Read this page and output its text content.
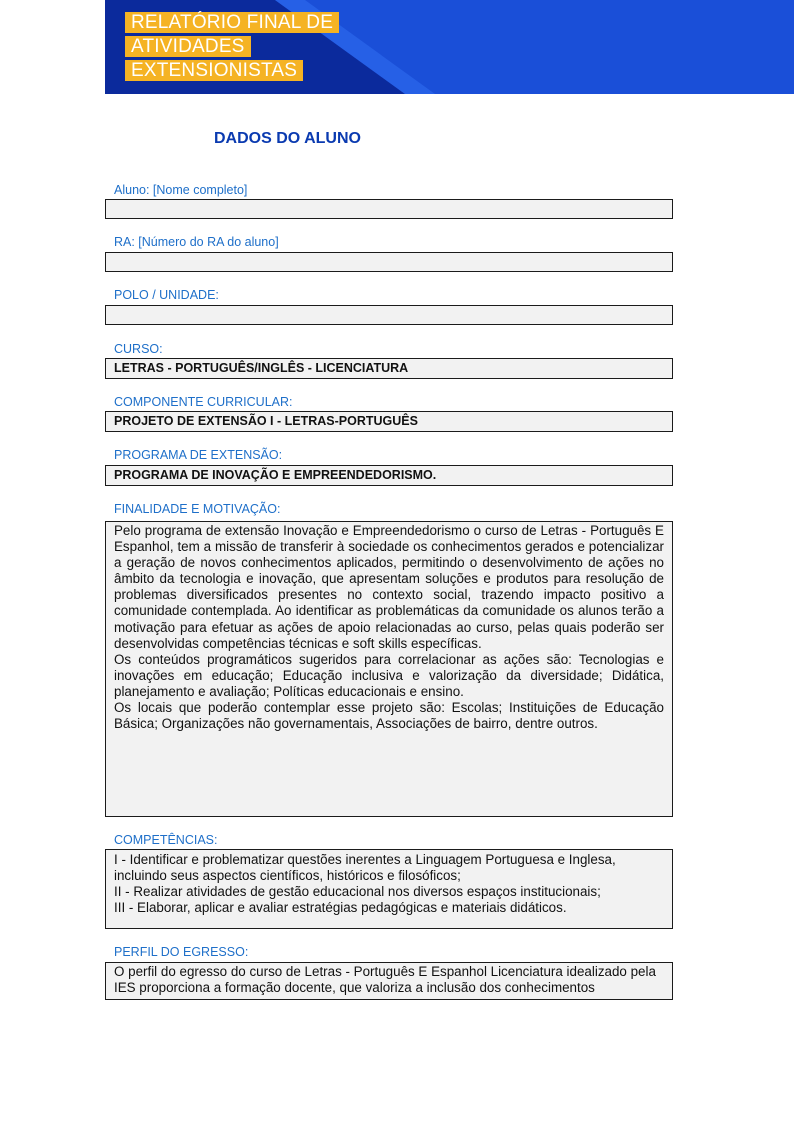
RELATÓRIO FINAL DE
ATIVIDADES
EXTENSIONISTAS
DADOS DO ALUNO
Aluno: [Nome completo]
RA: [Número do RA do aluno]
POLO / UNIDADE:
CURSO:
LETRAS - PORTUGUÊS/INGLÊS - LICENCIATURA
COMPONENTE CURRICULAR:
PROJETO DE EXTENSÃO I - LETRAS-PORTUGUÊS
PROGRAMA DE EXTENSÃO:
PROGRAMA DE INOVAÇÃO E EMPREENDEDORISMO.
FINALIDADE E MOTIVAÇÃO:

Pelo programa de extensão Inovação e Empreendedorismo o curso de Letras - Português E Espanhol, tem a missão de transferir à sociedade os conhecimentos gerados e potencializar a geração de novos conhecimentos aplicados, permitindo o desenvolvimento de ações no âmbito da tecnologia e inovação, que apresentam soluções e produtos para resolução de problemas diversificados presentes no contexto social, trazendo impacto positivo a comunidade contemplada. Ao identificar as problemáticas da comunidade os alunos terão a motivação para efetuar as ações de apoio relacionadas ao curso, pelas quais poderão ser desenvolvidas competências técnicas e soft skills específicas.

Os conteúdos programáticos sugeridos para correlacionar as ações são: Tecnologias e inovações em educação; Educação inclusiva e valorização da diversidade; Didática, planejamento e avaliação; Políticas educacionais e ensino.

Os locais que poderão contemplar esse projeto são: Escolas; Instituições de Educação Básica; Organizações não governamentais, Associações de bairro, dentre outros.

COMPETÊNCIAS:

I - Identificar e problematizar questões inerentes a Linguagem Portuguesa e Inglesa, incluindo seus aspectos científicos, históricos e filosóficos;

II - Realizar atividades de gestão educacional nos diversos espaços institucionais;

III - Elaborar, aplicar e avaliar estratégias pedagógicas e materiais didáticos.

PERFIL DO EGRESSO:

O perfil do egresso do curso de Letras - Português E Espanhol Licenciatura idealizado pela IES proporciona a formação docente, que valoriza a inclusão dos conhecimentos
